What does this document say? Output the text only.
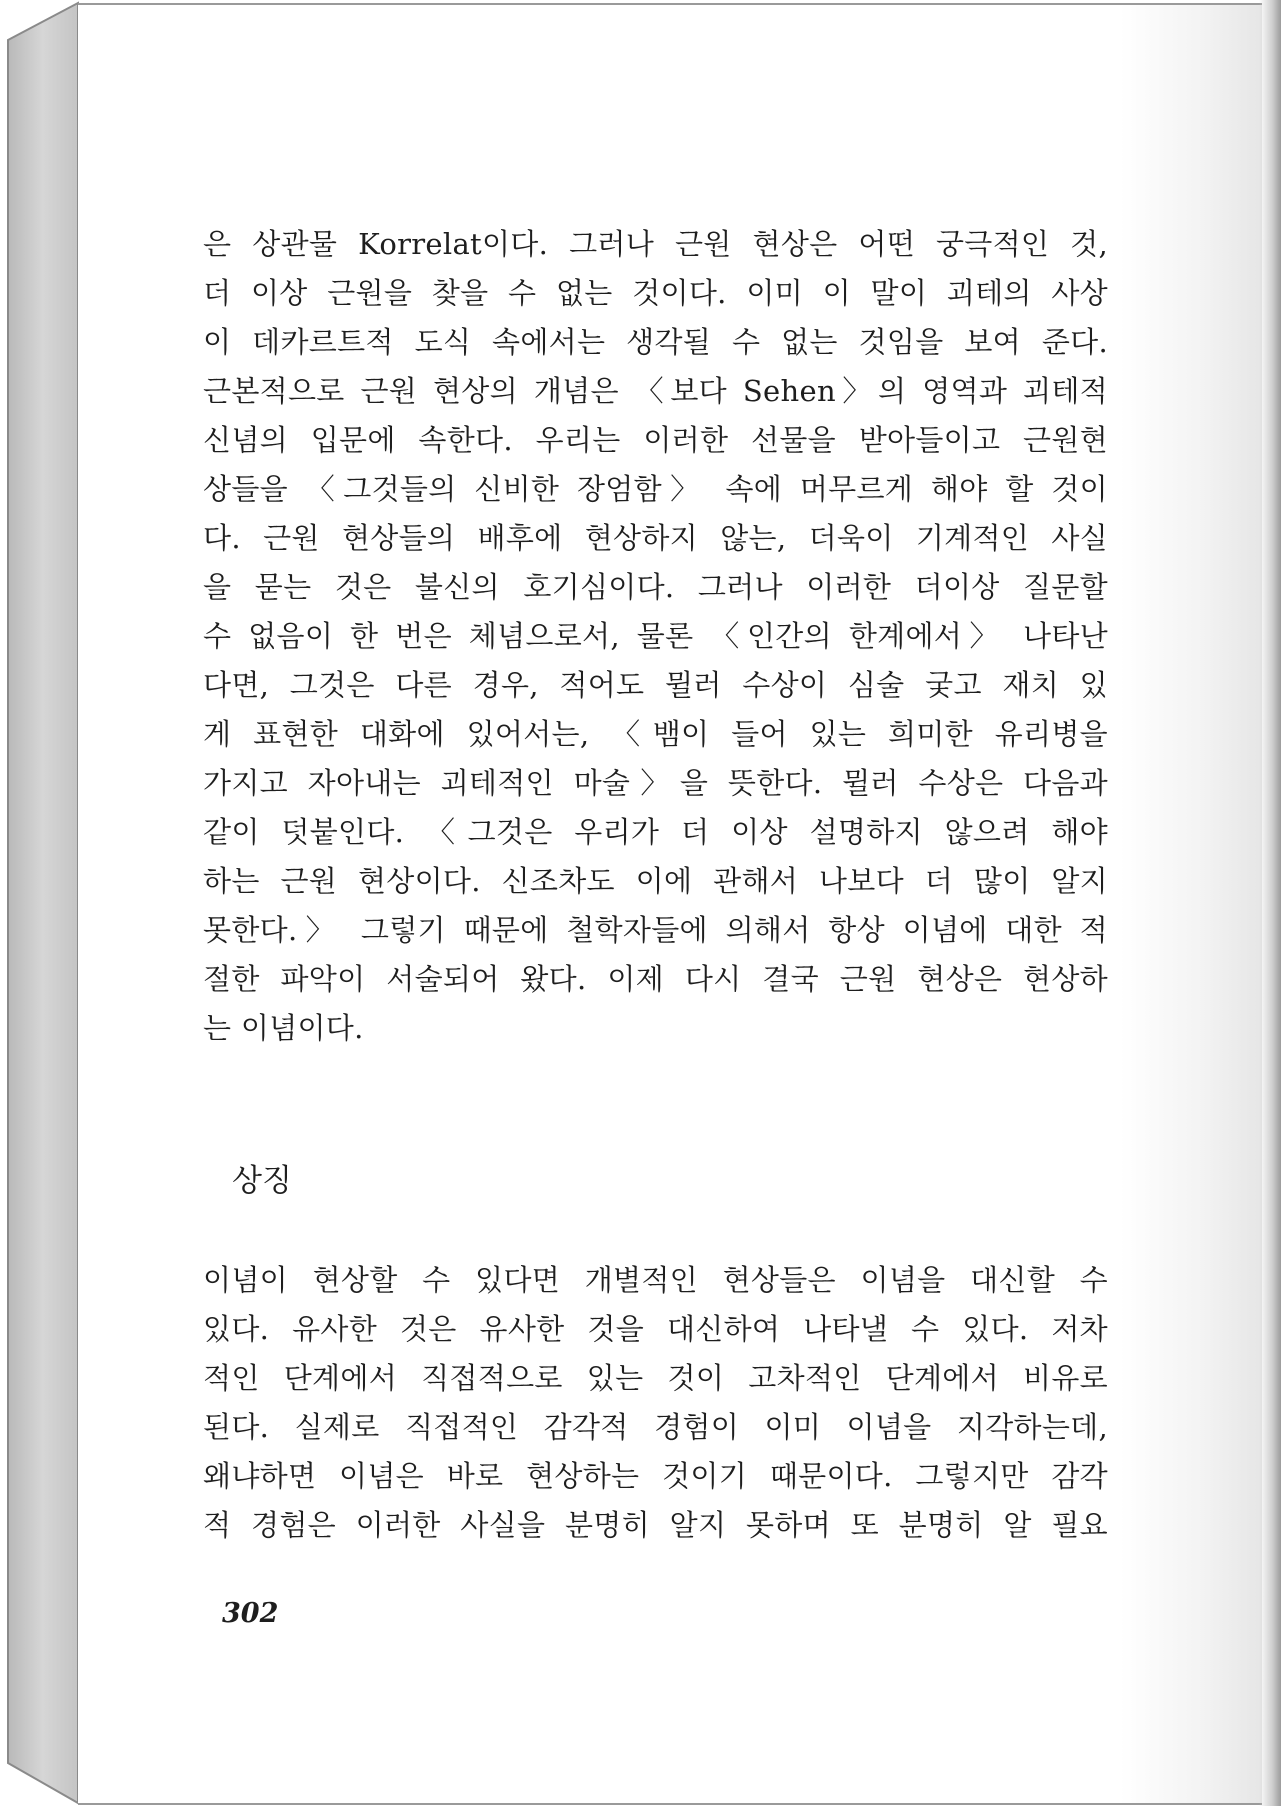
은 상관물 Korrelat이다. 그러나 근원 현상은 어떤 궁극적인 것,
더 이상 근원을 찾을 수 없는 것이다. 이미 이 말이 괴테의 사상
이 데카르트적 도식 속에서는 생각될 수 없는 것임을 보여 준다.

근본적으로 근원 현상의 개념은 〈보다 Sehen〉의 영역과 괴테적
신념의 입문에 속한다. 우리는 이러한 선물을 받아들이고 근원현
상들을 〈그것들의 신비한 장엄함〉 속에 머무르게 해야 할 것이
다. 근원 현상들의 배후에 현상하지 않는, 더욱이 기계적인 사실
을 묻는 것은 불신의 호기심이다. 그러나 이러한 더이상 질문할
수 없음이 한 번은 체념으로서, 물론 〈인간의 한계에서〉 나타난
다면, 그것은 다른 경우, 적어도 뮐러 수상이 심술 궂고 재치 있
게 표현한 대화에 있어서는, 〈뱀이 들어 있는 희미한 유리병을
가지고 자아내는 괴테적인 마술〉을 뜻한다. 뮐러 수상은 다음과
같이 덧붙인다. 〈그것은 우리가 더 이상 설명하지 않으려 해야
하는 근원 현상이다. 신조차도 이에 관해서 나보다 더 많이 알지
못한다.〉 그렇기 때문에 철학자들에 의해서 항상 이념에 대한 적
절한 파악이 서술되어 왔다. 이제 다시 결국 근원 현상은 현상하
는 이념이다.

상징

이념이 현상할 수 있다면 개별적인 현상들은 이념을 대신할 수
있다. 유사한 것은 유사한 것을 대신하여 나타낼 수 있다. 저차
적인 단계에서 직접적으로 있는 것이 고차적인 단계에서 비유로
된다. 실제로 직접적인 감각적 경험이 이미 이념을 지각하는데,
왜냐하면 이념은 바로 현상하는 것이기 때문이다. 그렇지만 감각
적 경험은 이러한 사실을 분명히 알지 못하며 또 분명히 알 필요

302
